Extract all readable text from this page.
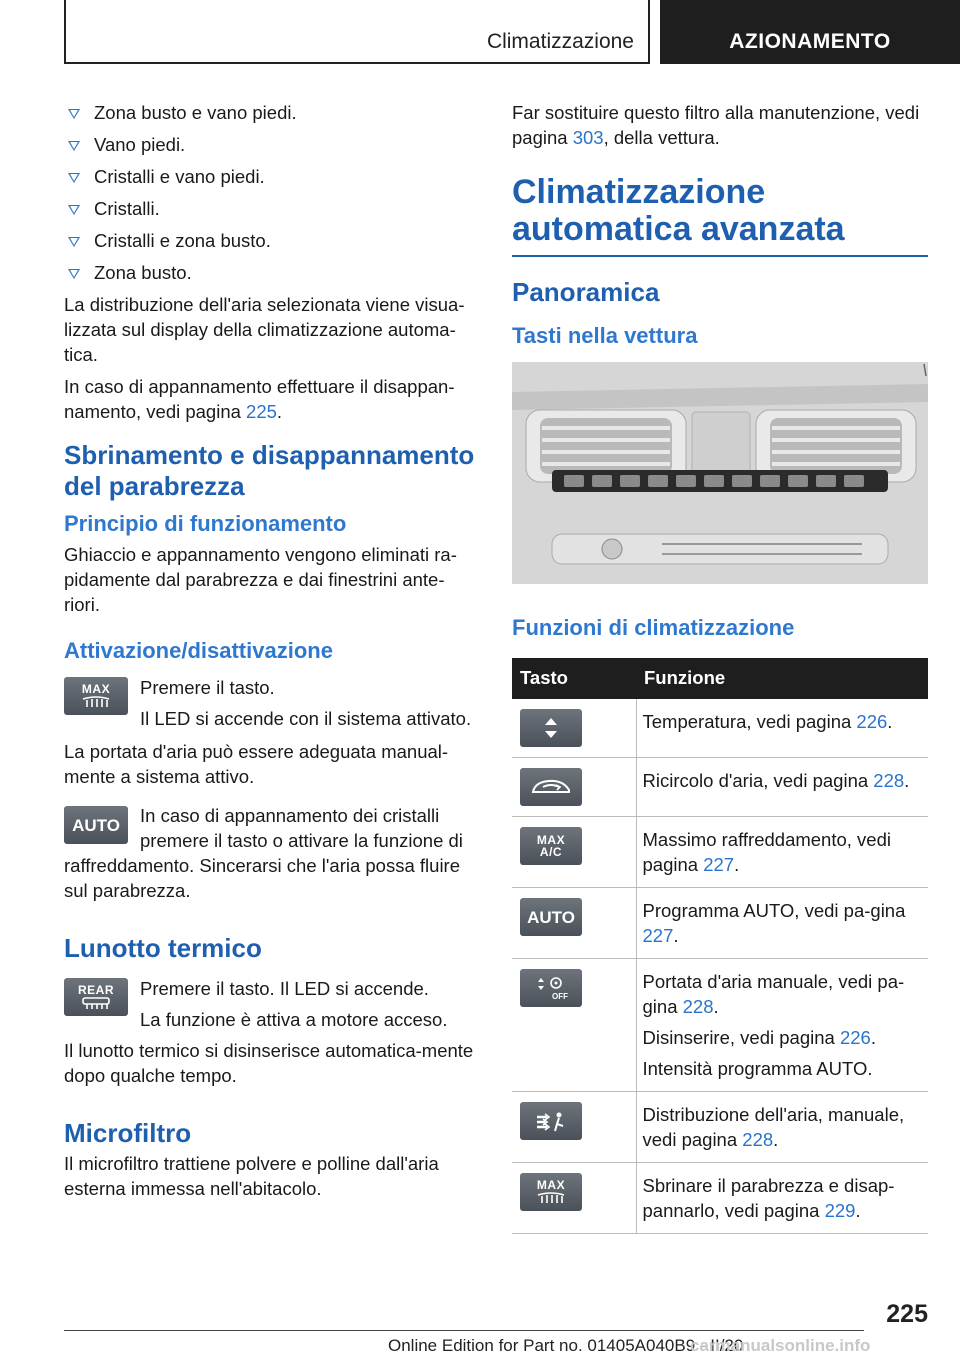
Climatizzazione	AZIONAMENTO
Zona busto e vano piedi.
Vano piedi.
Cristalli e vano piedi.
Cristalli.
Cristalli e zona busto.
Zona busto.

La distribuzione dell'aria selezionata viene visua-lizzata sul display della climatizzazione automa-tica.

In caso di appannamento effettuare il disappan-namento, vedi pagina 225.

Sbrinamento e disappannamento del parabrezza
Principio di funzionamento

Ghiaccio e appannamento vengono eliminati ra-pidamente dal parabrezza e dai finestrini ante-riori.

Attivazione/disattivazione
MAX Premere il tasto.

Il LED si accende con il sistema attivato.

La portata d'aria può essere adeguata manual-mente a sistema attivo.

AUTO In caso di appannamento dei cristalli premere il tasto o attivare la funzione di raffreddamento. Sincerarsi che l'aria possa fluire sul parabrezza.
Lunotto termico
REAR Premere il tasto. Il LED si accende.

La funzione è attiva a motore acceso.

Il lunotto termico si disinserisce automatica-mente dopo qualche tempo.

Microfiltro

Il microfiltro trattiene polvere e polline dall'aria esterna immessa nell'abitacolo.

Far sostituire questo filtro alla manutenzione, vedi pagina 303, della vettura.

Climatizzazione automatica avanzata
Panoramica
Tasti nella vettura
Funzioni di climatizzazione
Tasto	Funzione

Temperatura, vedi pagina 226.

Ricircolo d'aria, vedi pagina 228.

MAX
A/C	Massimo raffreddamento, vedi pagina 227.

AUTO	Programma AUTO, vedi pa-gina 227.

OFF	Portata d'aria manuale, vedi pa-gina 228.

Disinserire, vedi pagina 226.

Intensità programma AUTO.

Distribuzione dell'aria, manuale, vedi pagina 228.

MAX	Sbrinare il parabrezza e disap-pannarlo, vedi pagina 229.

225
Online Edition for Part no. 01405A040B9 - II/20
carmanualsonline.info
